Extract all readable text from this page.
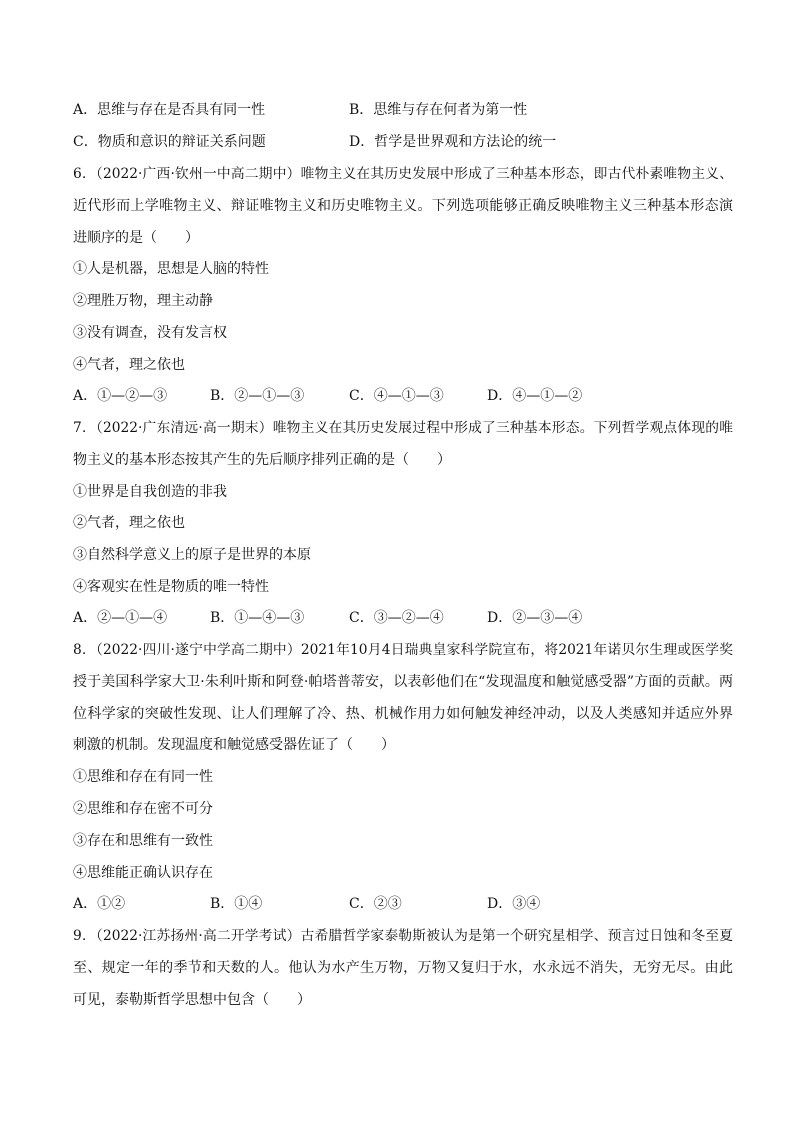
A．思维与存在是否具有同一性	B．思维与存在何者为第一性
C．物质和意识的辩证关系问题	D．哲学是世界观和方法论的统一
6．（2022·广西·钦州一中高二期中）唯物主义在其历史发展中形成了三种基本形态，即古代朴素唯物主义、
近代形而上学唯物主义、辩证唯物主义和历史唯物主义。下列选项能够正确反映唯物主义三种基本形态演
进顺序的是（　　）
①人是机器，思想是人脑的特性
②理胜万物，理主动静
③没有调查，没有发言权
④气者，理之依也
A．①—②—③	B．②—①—③	C．④—①—③	D．④—①—②
7．（2022·广东清远·高一期末）唯物主义在其历史发展过程中形成了三种基本形态。下列哲学观点体现的唯
物主义的基本形态按其产生的先后顺序排列正确的是（　　）
①世界是自我创造的非我
②气者，理之依也
③自然科学意义上的原子是世界的本原
④客观实在性是物质的唯一特性
A．②—①—④	B．①—④—③	C．③—②—④	D．②—③—④
8．（2022·四川·遂宁中学高二期中）2021年10月4日瑞典皇家科学院宣布，将2021年诺贝尔生理或医学奖
授于美国科学家大卫·朱利叶斯和阿登·帕塔普蒂安，以表彰他们在“发现温度和触觉感受器”方面的贡献。两
位科学家的突破性发现、让人们理解了冷、热、机械作用力如何触发神经冲动，以及人类感知并适应外界
刺激的机制。发现温度和触觉感受器佐证了（　　）
①思维和存在有同一性
②思维和存在密不可分
③存在和思维有一致性
④思维能正确认识存在
A．①②	B．①④	C．②③	D．③④
9．（2022·江苏扬州·高二开学考试）古希腊哲学家泰勒斯被认为是第一个研究星相学、预言过日蚀和冬至夏
至、规定一年的季节和天数的人。他认为水产生万物，万物又复归于水，水永远不消失，无穷无尽。由此
可见，泰勒斯哲学思想中包含（　　）
